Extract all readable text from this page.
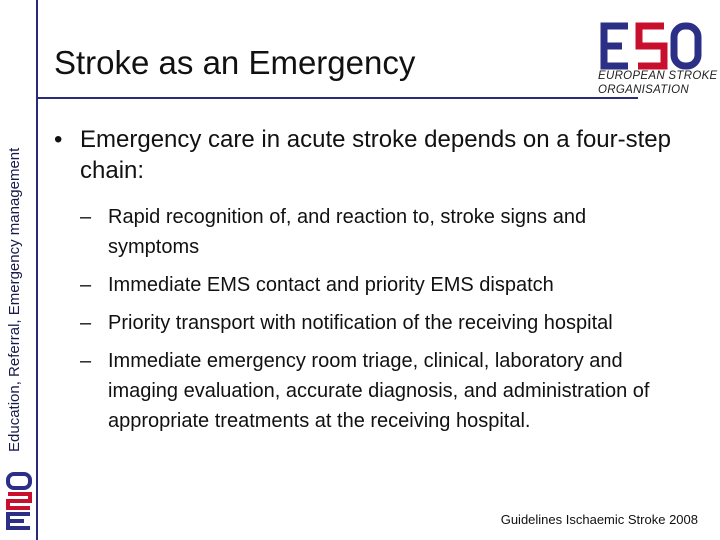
Education, Referral, Emergency management
ESO
Stroke as an Emergency
ESO
EUROPEAN STROKE
ORGANISATION
• Emergency care in acute stroke depends on a four-step chain:
– Rapid recognition of, and reaction to, stroke signs and symptoms
– Immediate EMS contact and priority EMS dispatch
– Priority transport with notification of the receiving hospital
– Immediate emergency room triage, clinical, laboratory and imaging evaluation, accurate diagnosis, and administration of appropriate treatments at the receiving hospital.
Guidelines Ischaemic Stroke 2008
